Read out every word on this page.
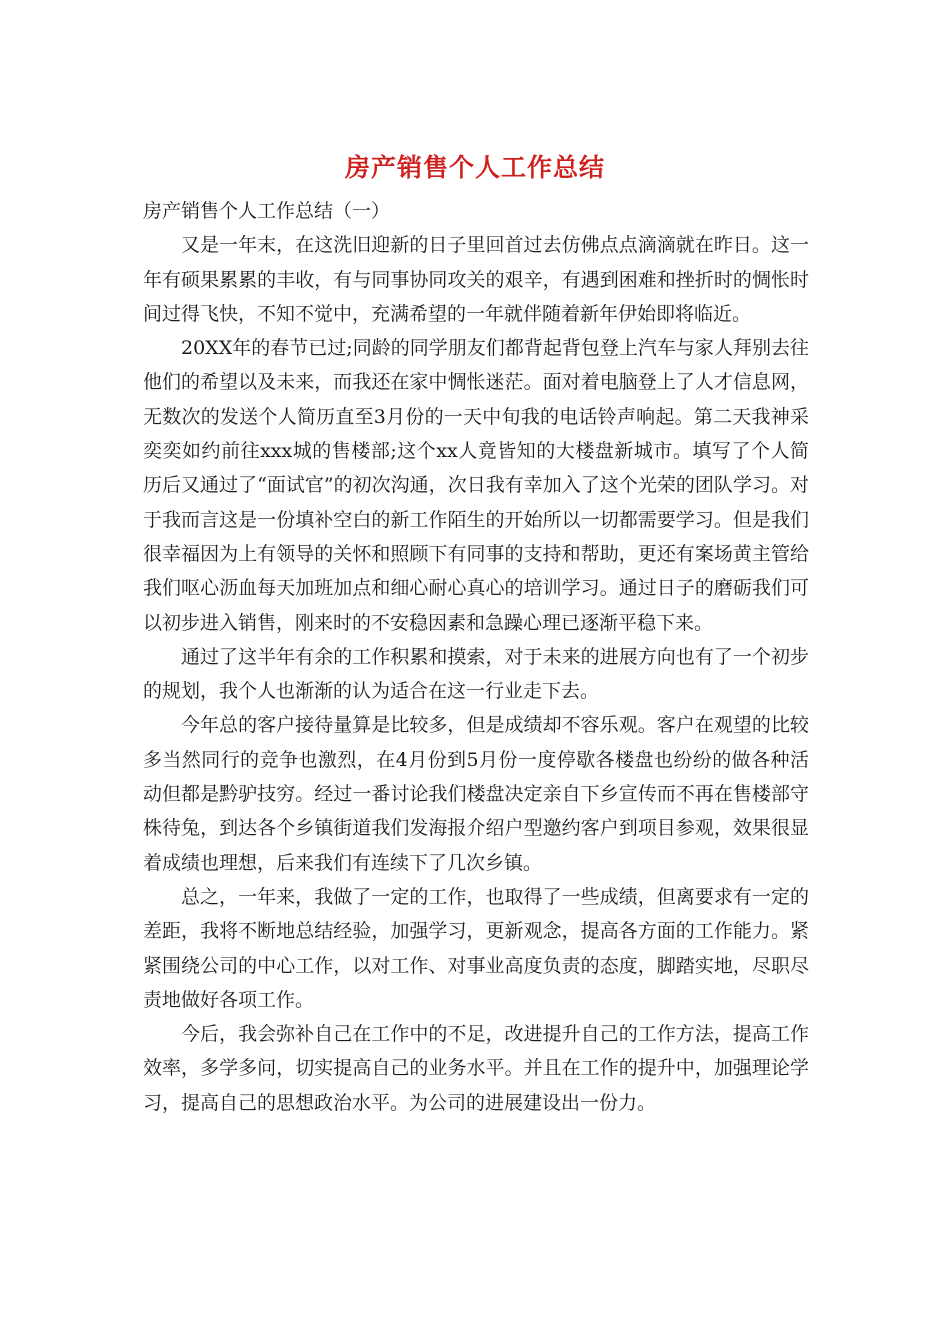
房产销售个人工作总结

房产销售个人工作总结（一）

又是一年末，在这洗旧迎新的日子里回首过去仿佛点点滴滴就在昨日。这一年有硕果累累的丰收，有与同事协同攻关的艰辛，有遇到困难和挫折时的惆怅时间过得飞快，不知不觉中，充满希望的一年就伴随着新年伊始即将临近。

20XX年的春节已过;同龄的同学朋友们都背起背包登上汽车与家人拜别去往他们的希望以及未来，而我还在家中惆怅迷茫。面对着电脑登上了人才信息网，无数次的发送个人简历直至3月份的一天中旬我的电话铃声响起。第二天我神采奕奕如约前往xxx城的售楼部;这个xx人竟皆知的大楼盘新城市。填写了个人简历后又通过了“面试官”的初次沟通，次日我有幸加入了这个光荣的团队学习。对于我而言这是一份填补空白的新工作陌生的开始所以一切都需要学习。但是我们很幸福因为上有领导的关怀和照顾下有同事的支持和帮助，更还有案场黄主管给我们呕心沥血每天加班加点和细心耐心真心的培训学习。通过日子的磨砺我们可以初步进入销售，刚来时的不安稳因素和急躁心理已逐渐平稳下来。

通过了这半年有余的工作积累和摸索，对于未来的进展方向也有了一个初步的规划，我个人也渐渐的认为适合在这一行业走下去。

今年总的客户接待量算是比较多，但是成绩却不容乐观。客户在观望的比较多当然同行的竞争也激烈，在4月份到5月份一度停歇各楼盘也纷纷的做各种活动但都是黔驴技穷。经过一番讨论我们楼盘决定亲自下乡宣传而不再在售楼部守株待兔，到达各个乡镇街道我们发海报介绍户型邀约客户到项目参观，效果很显着成绩也理想，后来我们有连续下了几次乡镇。

总之，一年来，我做了一定的工作，也取得了一些成绩，但离要求有一定的差距，我将不断地总结经验，加强学习，更新观念，提高各方面的工作能力。紧紧围绕公司的中心工作，以对工作、对事业高度负责的态度，脚踏实地，尽职尽责地做好各项工作。

今后，我会弥补自己在工作中的不足，改进提升自己的工作方法，提高工作效率，多学多问，切实提高自己的业务水平。并且在工作的提升中，加强理论学习，提高自己的思想政治水平。为公司的进展建设出一份力。
